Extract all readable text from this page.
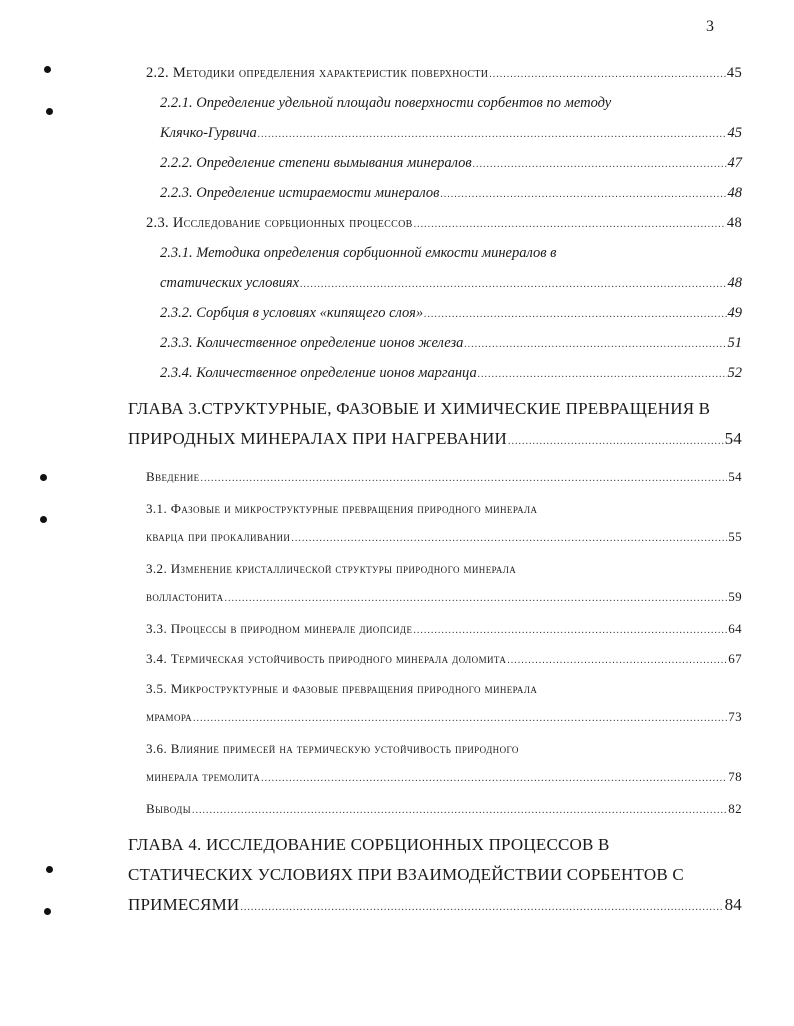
3
2.2. Методики определения характеристик поверхности .....	45
2.2.1. Определение удельной площади поверхности сорбентов по методу
Клячко-Гурвича .....	45
2.2.2. Определение степени вымывания минералов .....	47
2.2.3. Определение истираемости минералов .....	48
2.3. Исследование сорбционных процессов .....	48
2.3.1. Методика определения сорбционной емкости минералов в
статических условиях .....	48
2.3.2. Сорбция в условиях «кипящего слоя» .....	49
2.3.3. Количественное определение ионов железа .....	51
2.3.4. Количественное определение ионов марганца .....	52
ГЛАВА 3.СТРУКТУРНЫЕ, ФАЗОВЫЕ И ХИМИЧЕСКИЕ ПРЕВРАЩЕНИЯ В
ПРИРОДНЫХ МИНЕРАЛАХ ПРИ НАГРЕВАНИИ .....	54
Введение .....	54
3.1. Фазовые и микроструктурные превращения природного минерала
кварца при прокаливании .....	55
3.2. Изменение кристаллической структуры природного минерала
волластонита .....	59
3.3. Процессы в природном минерале диопсиде .....	64
3.4. Термическая устойчивость природного минерала доломита .....	67
3.5. Микроструктурные и фазовые превращения природного минерала
мрамора .....	73
3.6. Влияние примесей на термическую устойчивость природного
минерала тремолита .....	78
Выводы .....	82
ГЛАВА 4. ИССЛЕДОВАНИЕ СОРБЦИОННЫХ ПРОЦЕССОВ В
СТАТИЧЕСКИХ УСЛОВИЯХ ПРИ ВЗАИМОДЕЙСТВИИ СОРБЕНТОВ С
ПРИМЕСЯМИ .....	84
